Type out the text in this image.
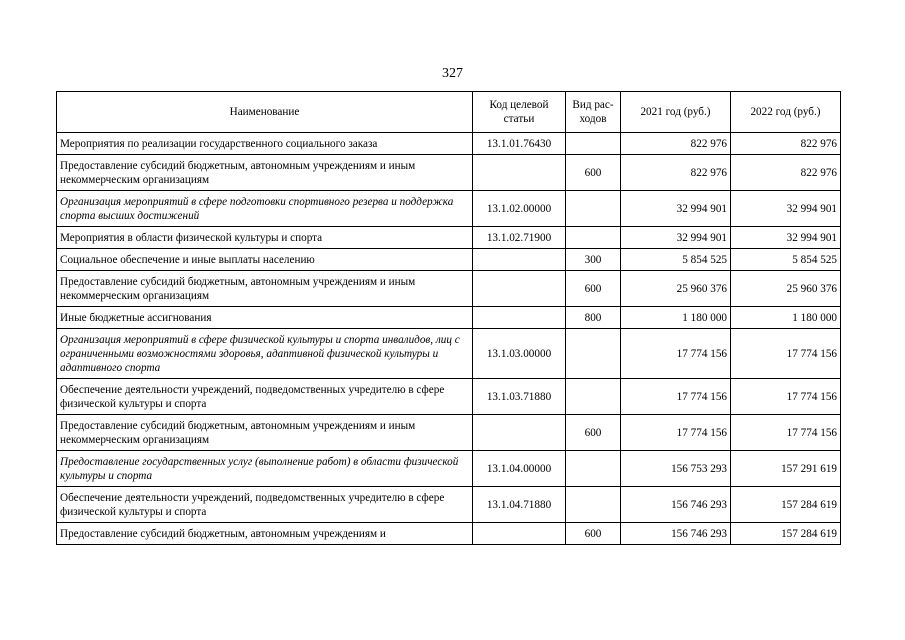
327
Наименование	Код целевой статьи	Вид рас-ходов	2021 год (руб.)	2022 год (руб.)
Мероприятия по реализации государственного социального заказа	13.1.01.76430		822 976	822 976
Предоставление субсидий бюджетным, автономным учреждениям и иным некоммерческим организациям		600	822 976	822 976
Организация мероприятий в сфере подготовки спортивного резерва и поддержка спорта высших достижений	13.1.02.00000		32 994 901	32 994 901
Мероприятия в области физической культуры и спорта	13.1.02.71900		32 994 901	32 994 901
Социальное обеспечение и иные выплаты населению		300	5 854 525	5 854 525
Предоставление субсидий бюджетным, автономным учреждениям и иным некоммерческим организациям		600	25 960 376	25 960 376
Иные бюджетные ассигнования		800	1 180 000	1 180 000
Организация мероприятий в сфере физической культуры и спорта инвалидов, лиц с ограниченными возможностями здоровья, адаптивной физической культуры и адаптивного спорта	13.1.03.00000		17 774 156	17 774 156
Обеспечение деятельности учреждений, подведомственных учредителю в сфере физической культуры и спорта	13.1.03.71880		17 774 156	17 774 156
Предоставление субсидий бюджетным, автономным учреждениям и иным некоммерческим организациям		600	17 774 156	17 774 156
Предоставление государственных услуг (выполнение работ) в области физической культуры и спорта	13.1.04.00000		156 753 293	157 291 619
Обеспечение деятельности учреждений, подведомственных учредителю в сфере физической культуры и спорта	13.1.04.71880		156 746 293	157 284 619
Предоставление субсидий бюджетным, автономным учреждениям и		600	156 746 293	157 284 619
